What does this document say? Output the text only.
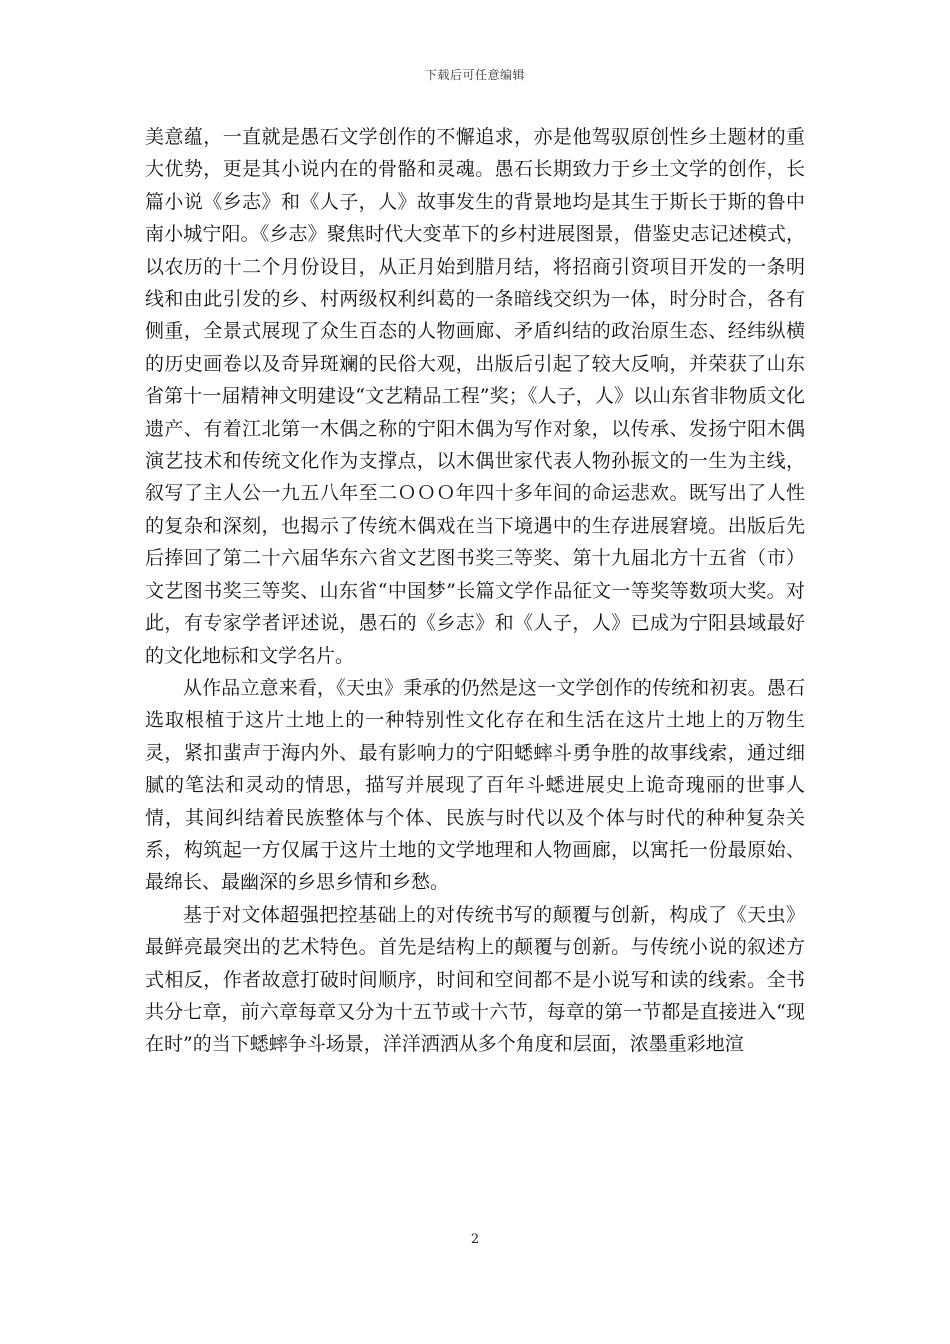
下载后可任意编辑

美意蕴，一直就是愚石文学创作的不懈追求，亦是他驾驭原创性乡土题材的重大优势，更是其小说内在的骨骼和灵魂。愚石长期致力于乡土文学的创作，长篇小说《乡志》和《人子，人》故事发生的背景地均是其生于斯长于斯的鲁中南小城宁阳。《乡志》聚焦时代大变革下的乡村进展图景，借鉴史志记述模式，以农历的十二个月份设目，从正月始到腊月结，将招商引资项目开发的一条明线和由此引发的乡、村两级权利纠葛的一条暗线交织为一体，时分时合，各有侧重，全景式展现了众生百态的人物画廊、矛盾纠结的政治原生态、经纬纵横的历史画卷以及奇异斑斓的民俗大观，出版后引起了较大反响，并荣获了山东省第十一届精神文明建设“文艺精品工程”奖；《人子，人》以山东省非物质文化遗产、有着江北第一木偶之称的宁阳木偶为写作对象，以传承、发扬宁阳木偶演艺技术和传统文化作为支撑点，以木偶世家代表人物孙振文的一生为主线，叙写了主人公一九五八年至二ＯＯＯ年四十多年间的命运悲欢。既写出了人性的复杂和深刻，也揭示了传统木偶戏在当下境遇中的生存进展窘境。出版后先后捧回了第二十六届华东六省文艺图书奖三等奖、第十九届北方十五省（市）文艺图书奖三等奖、山东省“中国梦”长篇文学作品征文一等奖等数项大奖。对此，有专家学者评述说，愚石的《乡志》和《人子，人》已成为宁阳县域最好的文化地标和文学名片。

从作品立意来看，《天虫》秉承的仍然是这一文学创作的传统和初衷。愚石选取根植于这片土地上的一种特别性文化存在和生活在这片土地上的万物生灵，紧扣蜚声于海内外、最有影响力的宁阳蟋蟀斗勇争胜的故事线索，通过细腻的笔法和灵动的情思，描写并展现了百年斗蟋进展史上诡奇瑰丽的世事人情，其间纠结着民族整体与个体、民族与时代以及个体与时代的种种复杂关系，构筑起一方仅属于这片土地的文学地理和人物画廊，以寓托一份最原始、最绵长、最幽深的乡思乡情和乡愁。

基于对文体超强把控基础上的对传统书写的颠覆与创新，构成了《天虫》最鲜亮最突出的艺术特色。首先是结构上的颠覆与创新。与传统小说的叙述方式相反，作者故意打破时间顺序，时间和空间都不是小说写和读的线索。全书共分七章，前六章每章又分为十五节或十六节，每章的第一节都是直接进入“现在时”的当下蟋蟀争斗场景，洋洋洒洒从多个角度和层面，浓墨重彩地渲

2
